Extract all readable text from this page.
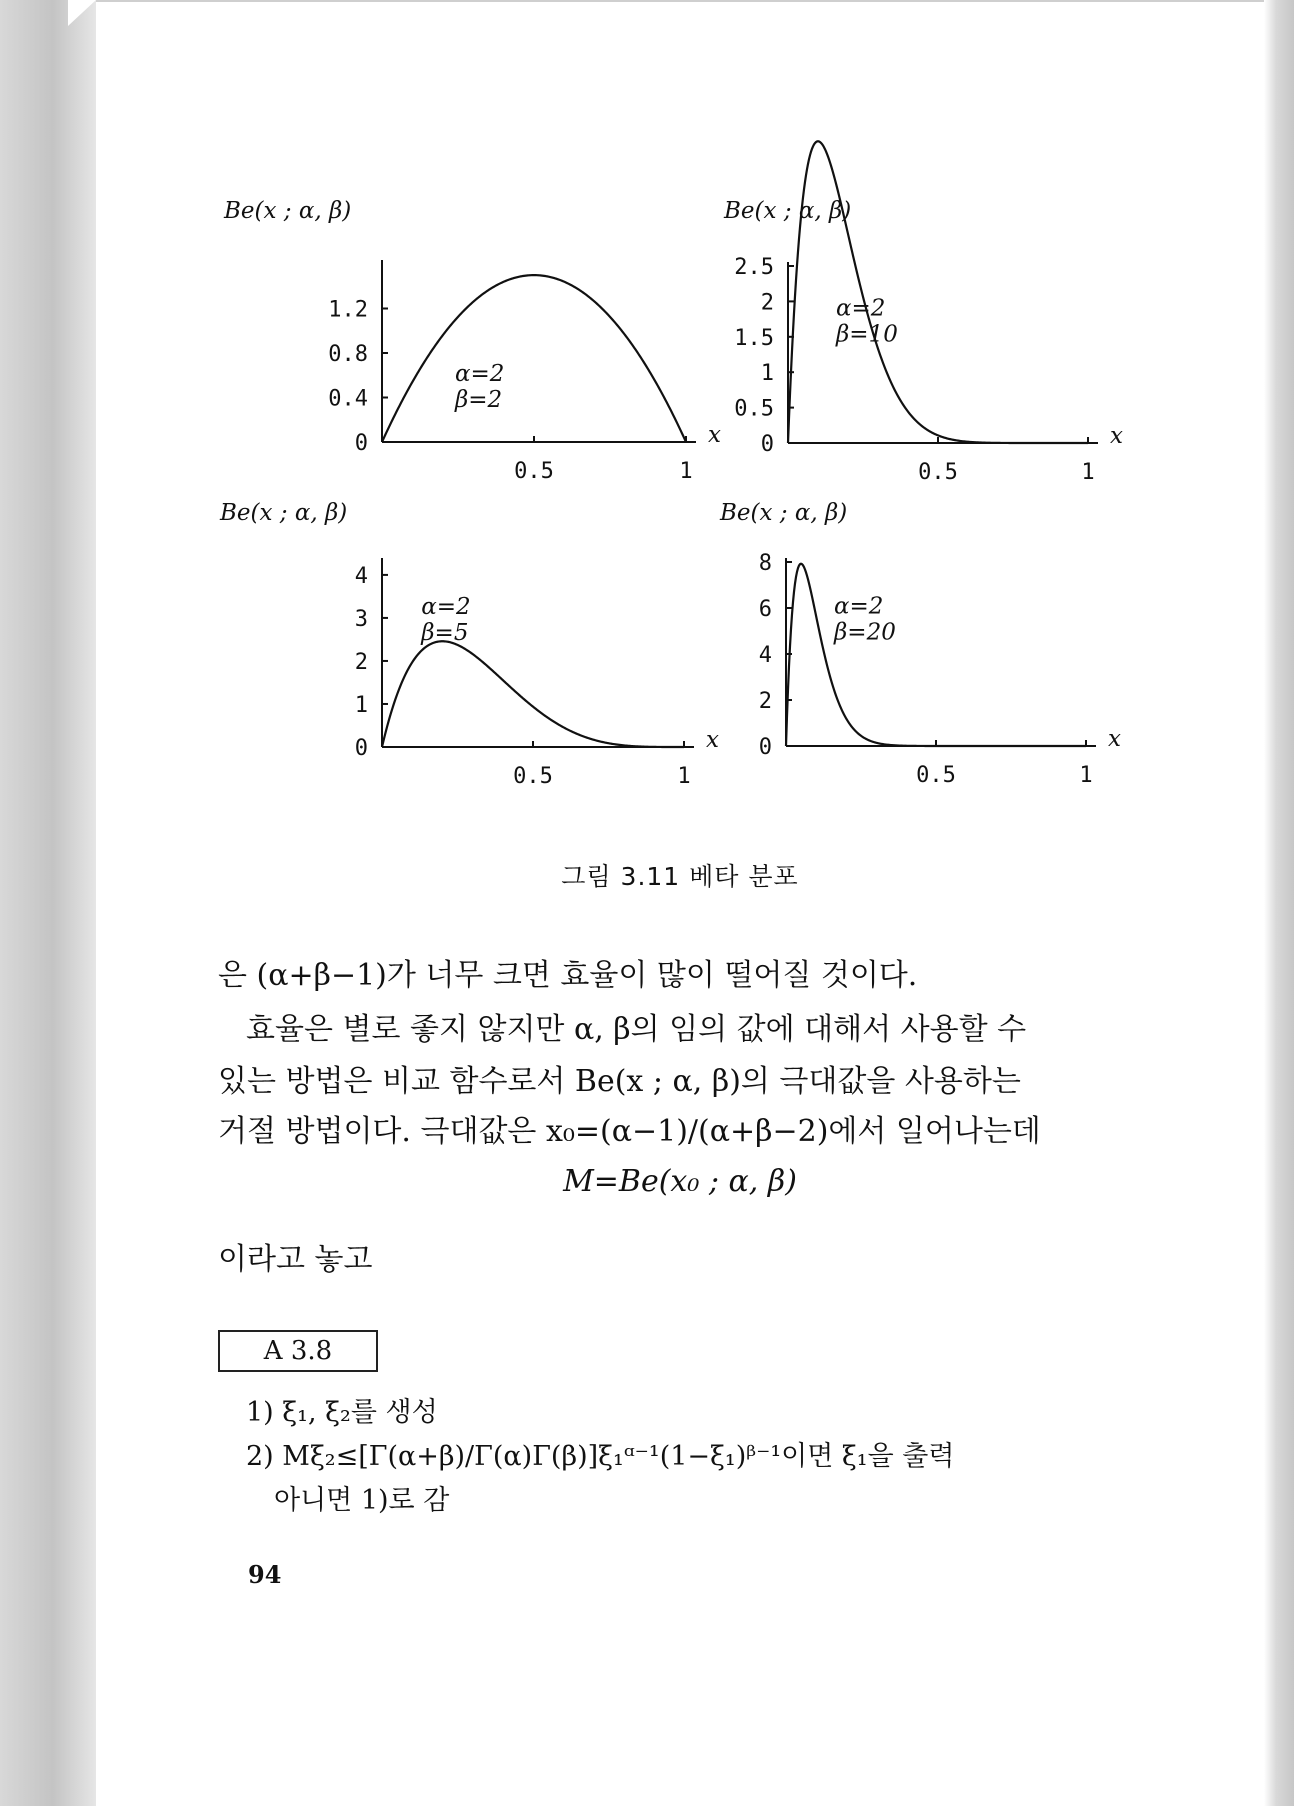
Be(x ; α, β)
0
0.4
0.8
1.2
0.5	1
x
α=2
β=2
Be(x ; α, β)
0
0.5
1
1.5
2
2.5
0.5	1
x
α=2
β=10
Be(x ; α, β)
0
1
2
3
4
0.5	1
x
α=2
β=5
Be(x ; α, β)
0
2
4
6
8
0.5	1
x
α=2
β=20
그림 3.11 베타 분포
은 (α+β−1)가 너무 크면 효율이 많이 떨어질 것이다.
효율은 별로 좋지 않지만 α, β의 임의 값에 대해서 사용할 수
있는 방법은 비교 함수로서 Be(x ; α, β)의 극대값을 사용하는
거절 방법이다. 극대값은 x₀=(α−1)/(α+β−2)에서 일어나는데
M=Be(x₀ ; α, β)
이라고 놓고
A 3.8
1) ξ₁, ξ₂를 생성
2) Mξ₂≤[Γ(α+β)/Γ(α)Γ(β)]ξ₁ᵅ⁻¹(1−ξ₁)ᵝ⁻¹이면 ξ₁을 출력
아니면 1)로 감
94
